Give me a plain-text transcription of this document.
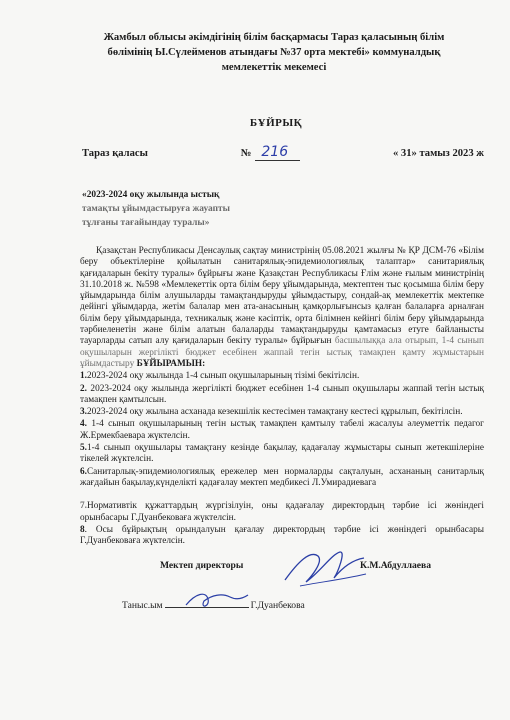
Жамбыл облысы әкімдігінің білім басқармасы Тараз қаласының білім
бөлімінің Ы.Сүлейменов атындағы №37 орта мектебі» коммуналдық
мемлекеттік мекемесі
БҰЙРЫҚ
Тараз қаласы	№ 216	« 31» тамыз 2023 ж
«2023-2024 оқу жылында ыстық
тамақты ұйымдастыруға жауапты
тұлғаны тағайындау туралы»

Қазақстан Республикасы Денсаулық сақтау министрінің 05.08.2021 жылғы № ҚР ДСМ-76 «Білім беру объектілеріне қойылатын санитарялық-эпидемиологиялық талаптар» санитариялық қағидаларын бекіту туралы» бұйрығы және Қазақстан Республикасы Ғлім және ғылым министрінің 31.10.2018 ж. №598 «Мемлекеттік орта білім беру ұйымдарында, мектептен тыс қосымша білім беру ұйымдарында білім алушыларды тамақтандыруды ұйымдастыру, сондай-ақ мемлекеттік мектепке дейінгі ұйымдарда, жетім балалар мен ата-анасының қамқорлығынсыз қалған балаларға арналған білім беру ұйымдарында, техникалық және кәсіптік, орта білімнен кейінгі білім беру ұйымдарында тәрбиеленетін және білім алатын балаларды тамақтандыруды қамтамасыз етуге байланысты тауарларды сатып алу қағидаларын бекіту туралы» бұйрығын басшылыққа ала отырып, 1-4 сынып оқушыларын жергілікті бюджет есебінен жаппай тегін ыстық тамақпен қамту жұмыстарын ұйымдастыру БҰЙЫРАМЫН:

1.2023-2024 оқу жылында 1-4 сынып оқушыларының тізімі бекітілсін.

2. 2023-2024 оқу жылында жергілікті бюджет есебінен 1-4 сынып оқушылары жаппай тегін ыстық тамақпен қамтылсын.

3.2023-2024 оқу жылына асханада кезекшілік кестесімен тамақтану кестесі құрылып, бекітілсін.

4. 1-4 сынып оқушыларының тегін ыстық тамақпен қамтылу табелі жасалуы әлеуметтік педагог Ж.Ермекбаевара жүктелсін.

5.1-4 сынып оқушылары тамақтану кезінде бақылау, қадағалау жұмыстары сынып жетекшілеріне тікелей жүктелсін.

6.Санитарлық-эпидемиологиялық ережелер мен нормаларды сақталуын, асхананың санитарлық жағдайын бақылау,күнделікті қадағалау мектеп медбикесі Л.Умирадиевага

7.Нормативтік құжаттардың жүргізілуін, оны қадағалау директордың тәрбие ісі жөніндегі орынбасары Г.Дуанбековаға жүктелсін.

8. Осы бұйрықтың орындалуын қағалау директордың тәрбие ісі жөніндегі орынбасары Г.Дуанбековаға жүктелсін.

Мектеп директоры	К.М.Абдуллаева
Таныс.ым	Г.Дуанбекова
